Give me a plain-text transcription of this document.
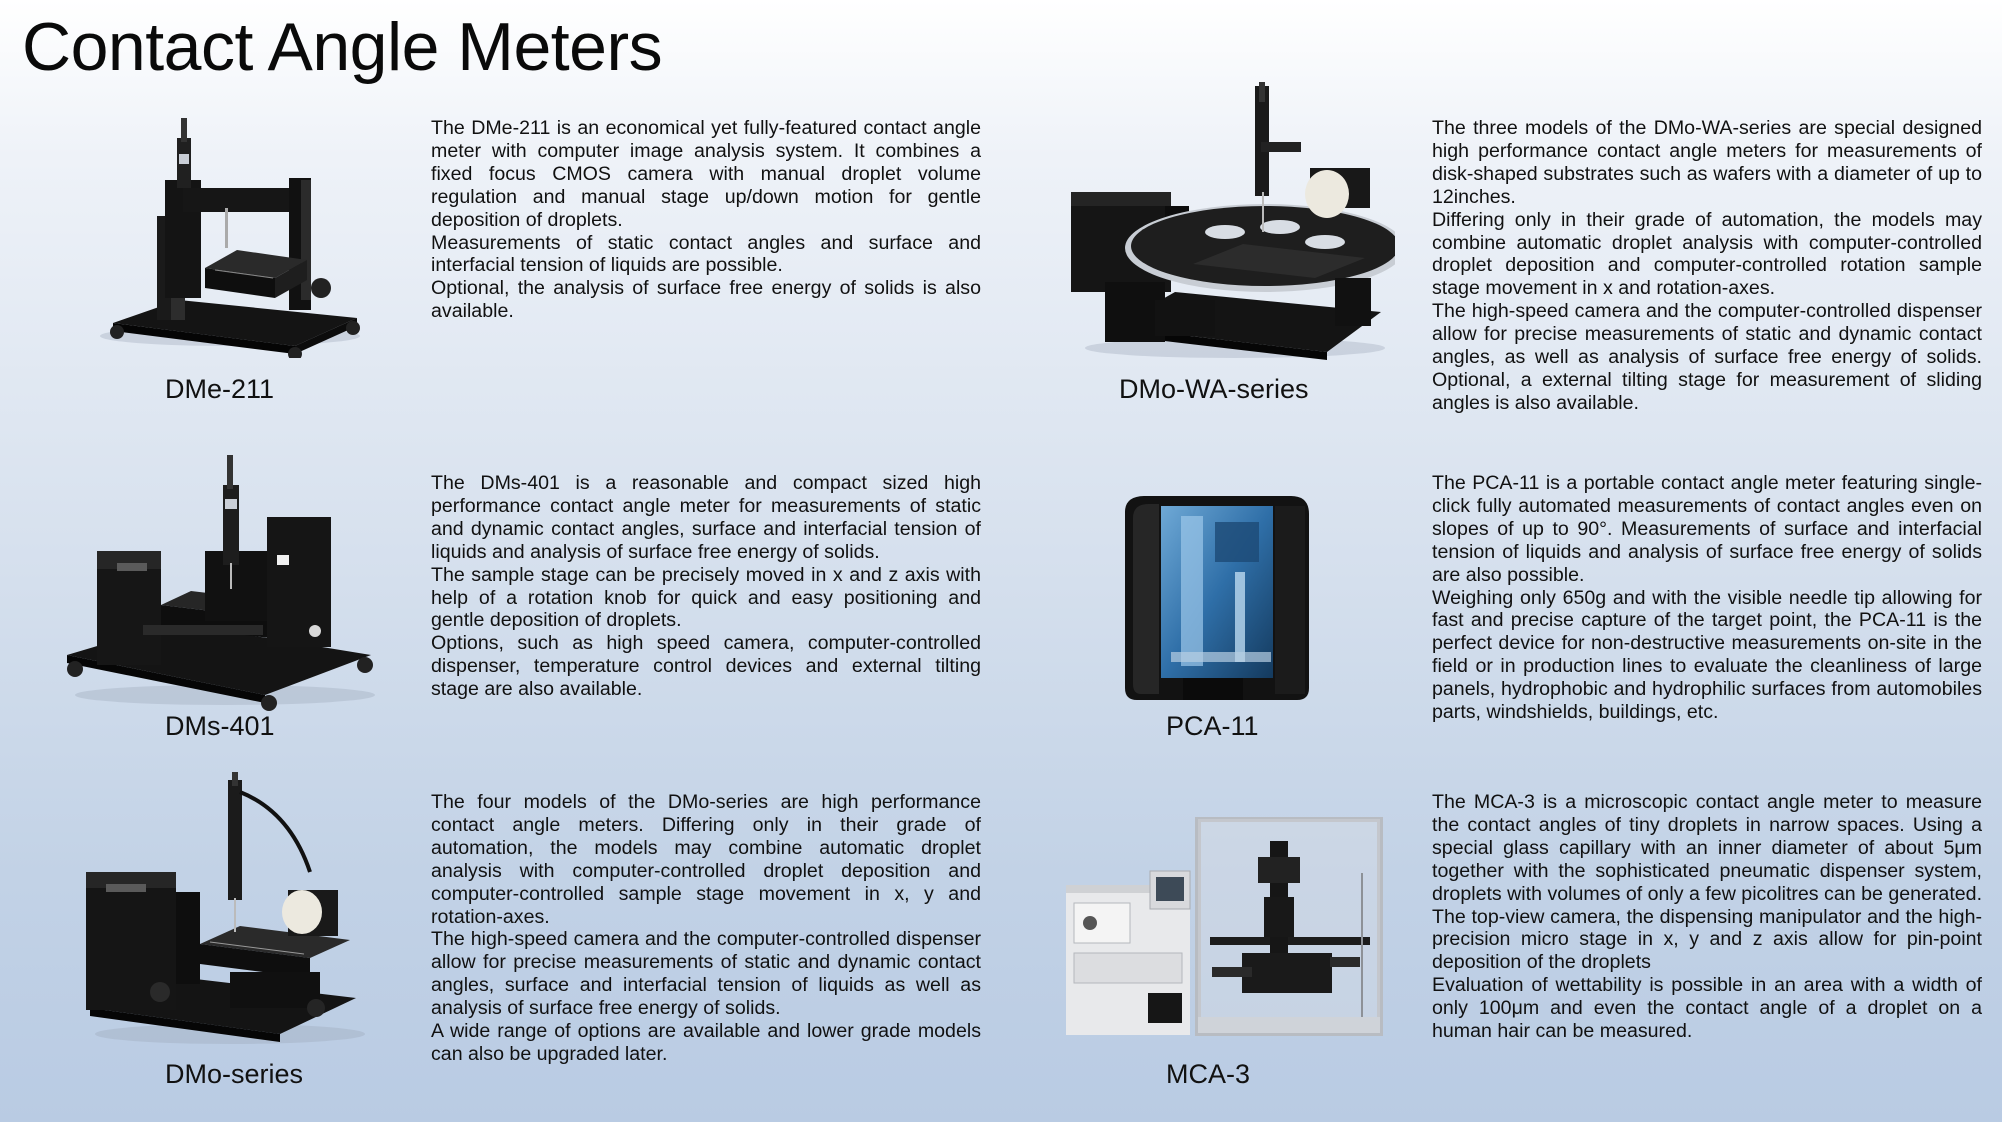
Contact Angle Meters
DMe-211

The DMe-211 is an economical yet fully-featured contact angle meter with computer image analysis system. It combines a fixed focus CMOS camera with manual droplet volume regulation and manual stage up/down motion for gentle deposition of droplets.

Measurements of static contact angles and surface and interfacial tension of liquids are possible.

Optional, the analysis of surface free energy of solids is also available.

DMo-WA-series

The three models of the DMo-WA-series are special designed high performance contact angle meters for measurements of disk-shaped substrates such as wafers with a diameter of up to 12inches.

Differing only in their grade of automation, the models may combine automatic droplet analysis with computer-controlled droplet deposition and computer-controlled rotation sample stage movement in x and rotation-axes.

The high-speed camera and the computer-controlled dispenser allow for precise measurements of static and dynamic contact angles, as well as analysis of surface free energy of solids. Optional, a external tilting stage for measurement of sliding angles is also available.

DMs-401

The DMs-401 is a reasonable and compact sized high performance contact angle meter for measurements of static and dynamic contact angles, surface and interfacial tension of liquids and analysis of surface free energy of solids.

The sample stage can be precisely moved in x and z axis with help of a rotation knob for quick and easy positioning and gentle deposition of droplets.

Options, such as high speed camera, computer-controlled dispenser, temperature control devices and external tilting stage are also available.

PCA-11

The PCA-11 is a portable contact angle meter featuring single-click fully automated measurements of contact angles even on slopes of up to 90°. Measurements of surface and interfacial tension of liquids and analysis of surface free energy of solids are also possible.

Weighing only 650g and with the visible needle tip allowing for fast and precise capture of the target point, the PCA-11 is the perfect device for non-destructive measurements on-site in the field or in production lines to evaluate the cleanliness of large panels, hydrophobic and hydrophilic surfaces from automobiles parts, windshields, buildings, etc.

DMo-series

The four models of the DMo-series are high performance contact angle meters. Differing only in their grade of automation, the models may combine automatic droplet analysis with computer-controlled droplet deposition and computer-controlled sample stage movement in x, y and rotation-axes.

The high-speed camera and the computer-controlled dispenser allow for precise measurements of static and dynamic contact angles, surface and interfacial tension of liquids as well as analysis of surface free energy of solids.

A wide range of options are available and lower grade models can also be upgraded later.

MCA-3

The MCA-3 is a microscopic contact angle meter to measure the contact angles of tiny droplets in narrow spaces. Using a special glass capillary with an inner diameter of about 5μm together with the sophisticated pneumatic dispenser system, droplets with volumes of only a few picolitres can be generated.

The top-view camera, the dispensing manipulator and the high-precision micro stage in x, y and z axis allow for pin-point deposition of the droplets

Evaluation of wettability is possible in an area with a width of only 100μm and even the contact angle of a droplet on a human hair can be measured.
